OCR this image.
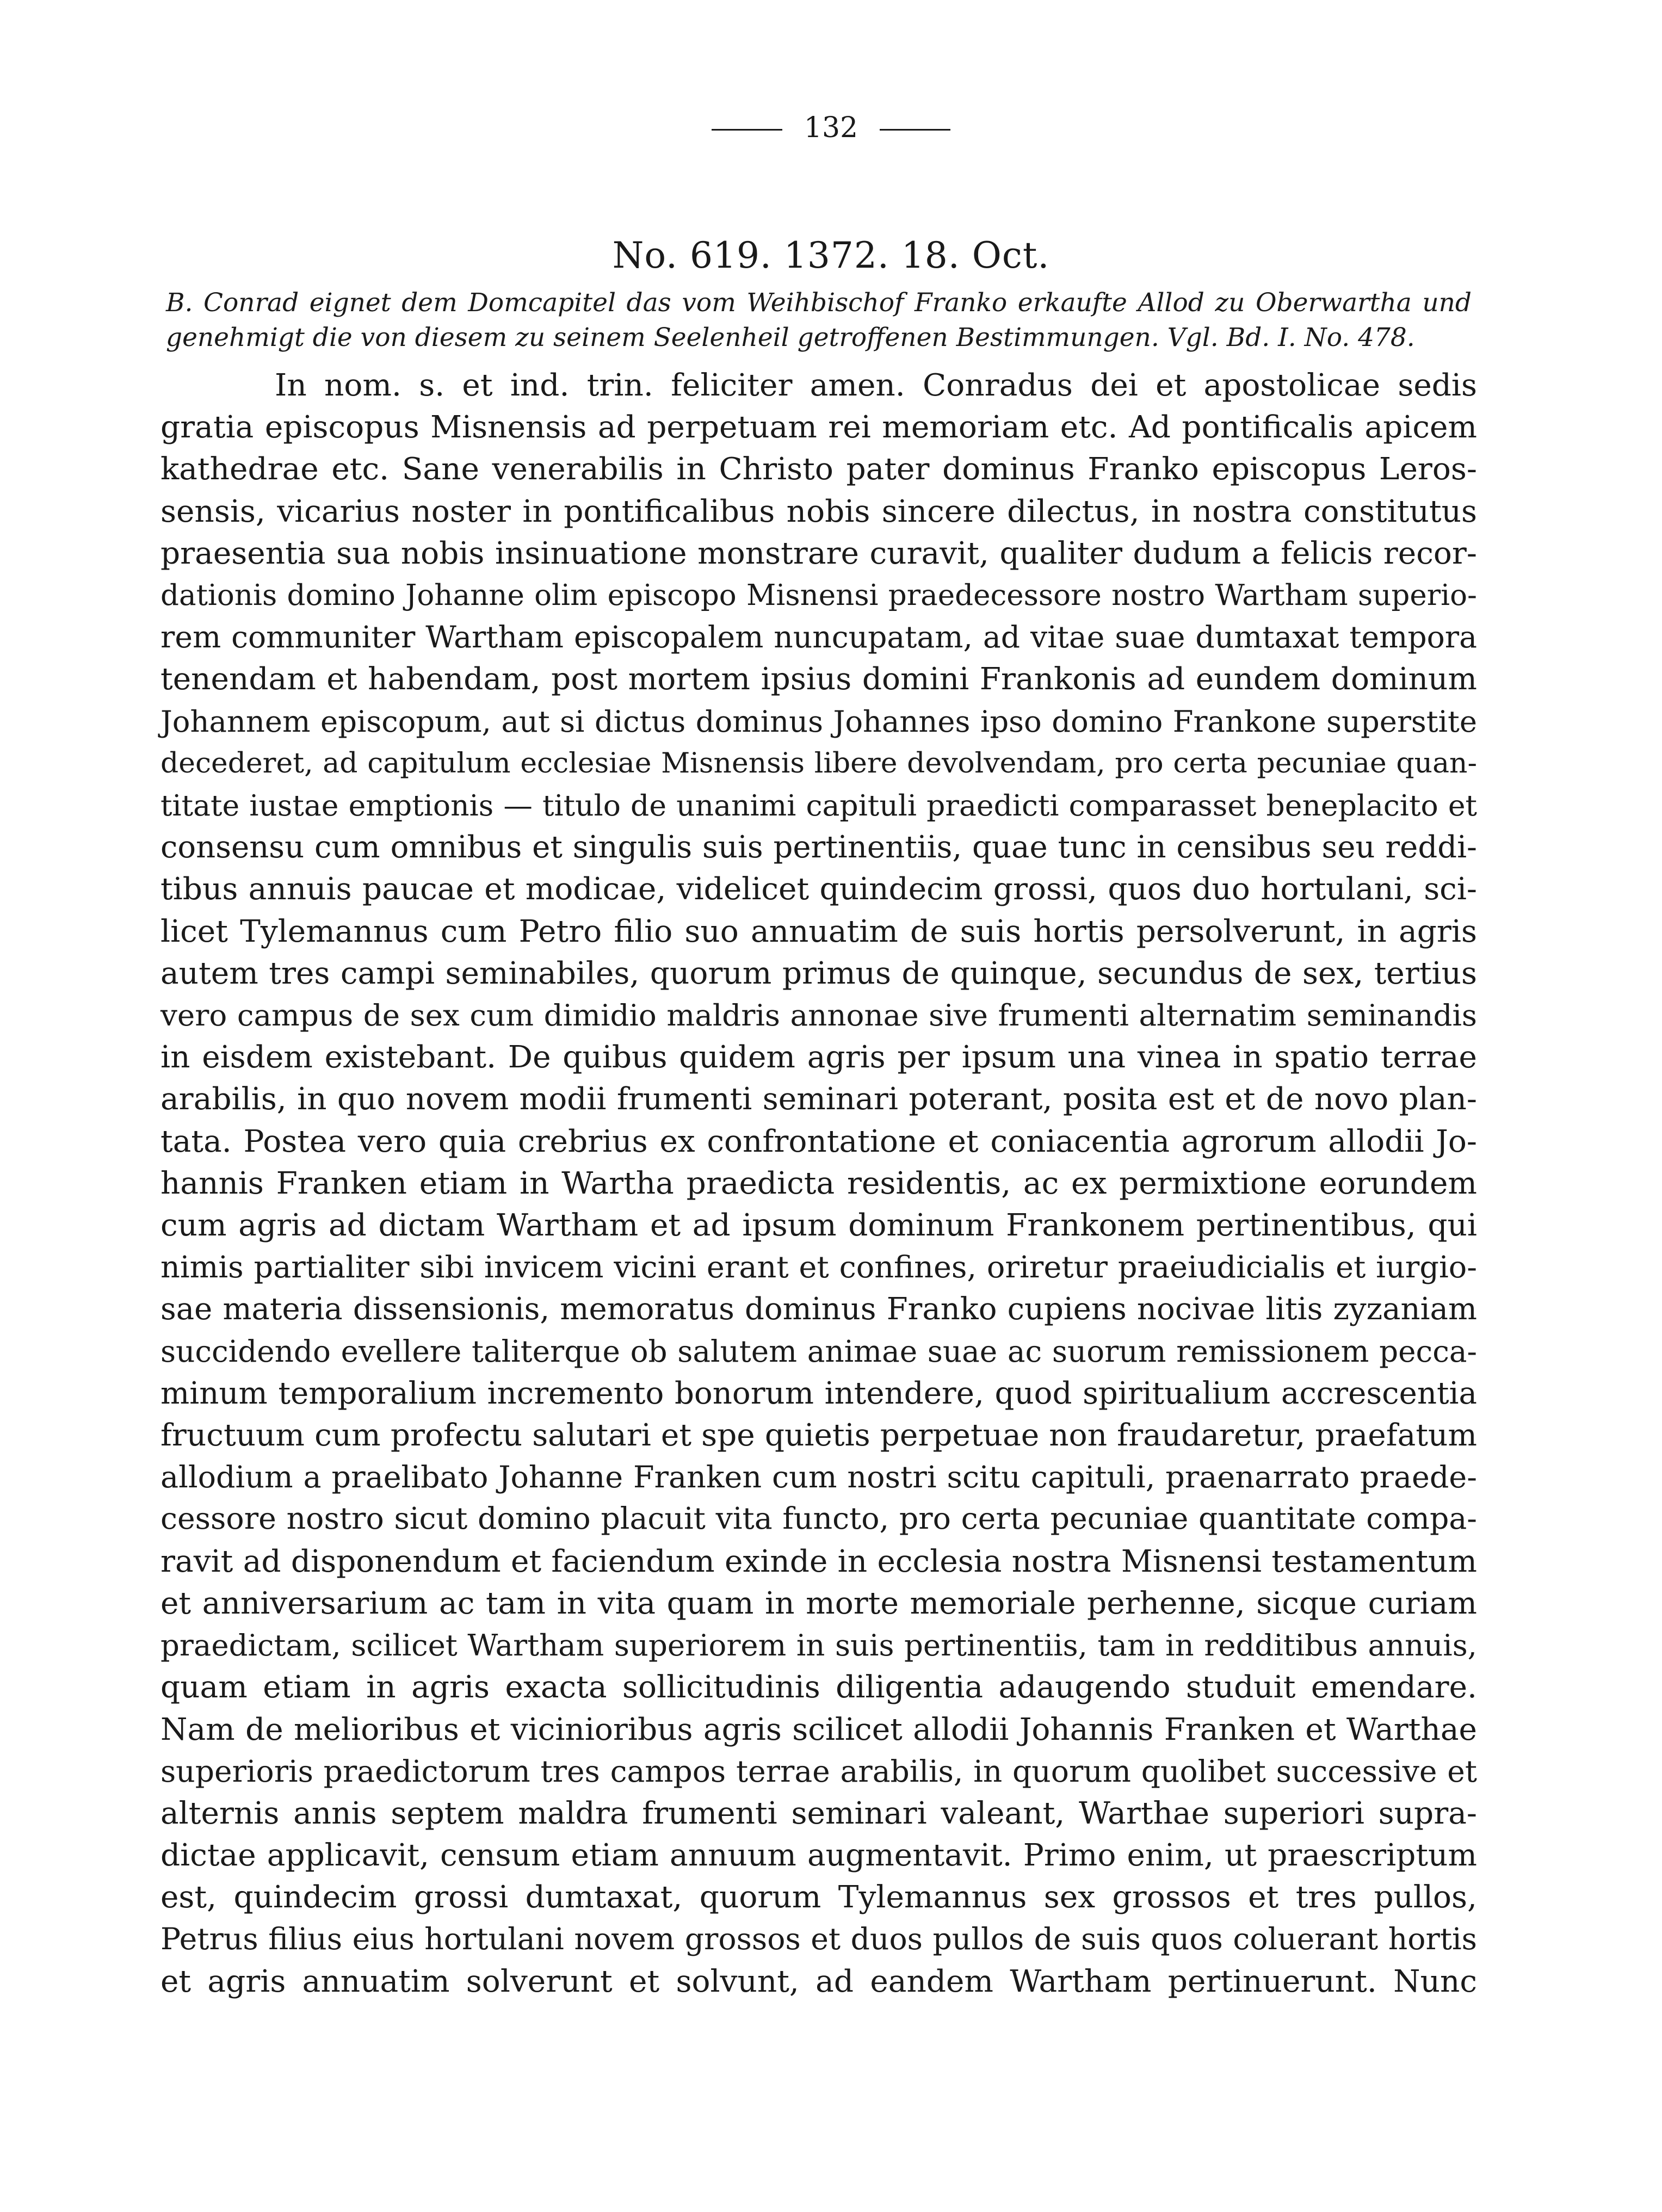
132
No. 619. 1372. 18. Oct.
B. Conrad eignet dem Domcapitel das vom Weihbischof Franko erkaufte Allod zu Oberwartha und genehmigt die von diesem zu seinem Seelenheil getroffenen Bestimmungen. Vgl. Bd. I. No. 478.
In nom. s. et ind. trin. feliciter amen. Conradus dei et apostolicae sedis
gratia episcopus Misnensis ad perpetuam rei memoriam etc. Ad pontificalis apicem
kathedrae etc. Sane venerabilis in Christo pater dominus Franko episcopus Leros-
sensis, vicarius noster in pontificalibus nobis sincere dilectus, in nostra constitutus
praesentia sua nobis insinuatione monstrare curavit, qualiter dudum a felicis recor-
dationis domino Johanne olim episcopo Misnensi praedecessore nostro Wartham superio-
rem communiter Wartham episcopalem nuncupatam, ad vitae suae dumtaxat tempora
tenendam et habendam, post mortem ipsius domini Frankonis ad eundem dominum
Johannem episcopum, aut si dictus dominus Johannes ipso domino Frankone superstite
decederet, ad capitulum ecclesiae Misnensis libere devolvendam, pro certa pecuniae quan-
titate iustae emptionis — titulo de unanimi capituli praedicti comparasset beneplacito et
consensu cum omnibus et singulis suis pertinentiis, quae tunc in censibus seu reddi-
tibus annuis paucae et modicae, videlicet quindecim grossi, quos duo hortulani, sci-
licet Tylemannus cum Petro filio suo annuatim de suis hortis persolverunt, in agris
autem tres campi seminabiles, quorum primus de quinque, secundus de sex, tertius
vero campus de sex cum dimidio maldris annonae sive frumenti alternatim seminandis
in eisdem existebant. De quibus quidem agris per ipsum una vinea in spatio terrae
arabilis, in quo novem modii frumenti seminari poterant, posita est et de novo plan-
tata. Postea vero quia crebrius ex confrontatione et coniacentia agrorum allodii Jo-
hannis Franken etiam in Wartha praedicta residentis, ac ex permixtione eorundem
cum agris ad dictam Wartham et ad ipsum dominum Frankonem pertinentibus, qui
nimis partialiter sibi invicem vicini erant et confines, oriretur praeiudicialis et iurgio-
sae materia dissensionis, memoratus dominus Franko cupiens nocivae litis zyzaniam
succidendo evellere taliterque ob salutem animae suae ac suorum remissionem pecca-
minum temporalium incremento bonorum intendere, quod spiritualium accrescentia
fructuum cum profectu salutari et spe quietis perpetuae non fraudaretur, praefatum
allodium a praelibato Johanne Franken cum nostri scitu capituli, praenarrato praede-
cessore nostro sicut domino placuit vita functo, pro certa pecuniae quantitate compa-
ravit ad disponendum et faciendum exinde in ecclesia nostra Misnensi testamentum
et anniversarium ac tam in vita quam in morte memoriale perhenne, sicque curiam
praedictam, scilicet Wartham superiorem in suis pertinentiis, tam in redditibus annuis,
quam etiam in agris exacta sollicitudinis diligentia adaugendo studuit emendare.
Nam de melioribus et vicinioribus agris scilicet allodii Johannis Franken et Warthae
superioris praedictorum tres campos terrae arabilis, in quorum quolibet successive et
alternis annis septem maldra frumenti seminari valeant, Warthae superiori supra-
dictae applicavit, censum etiam annuum augmentavit. Primo enim, ut praescriptum
est, quindecim grossi dumtaxat, quorum Tylemannus sex grossos et tres pullos,
Petrus filius eius hortulani novem grossos et duos pullos de suis quos coluerant hortis
et agris annuatim solverunt et solvunt, ad eandem Wartham pertinuerunt. Nunc
